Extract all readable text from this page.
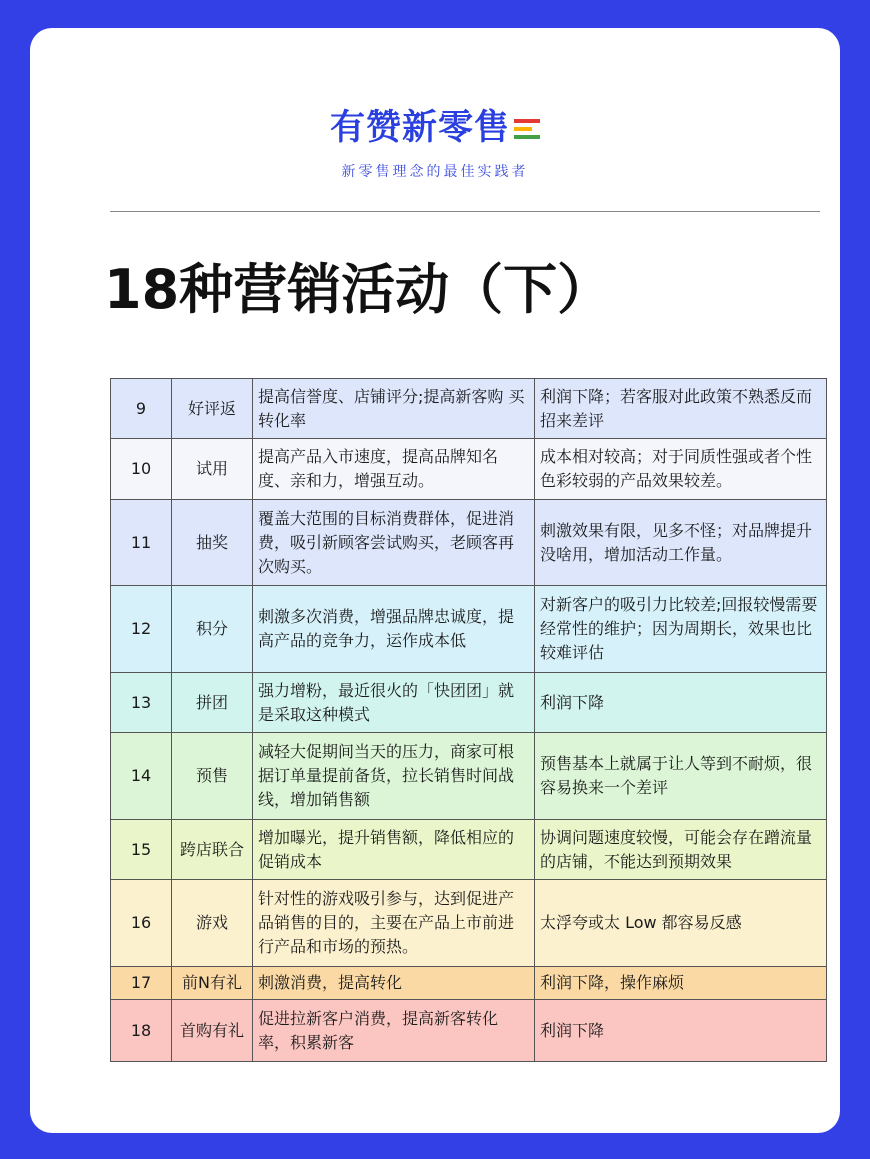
有赞新零售
新零售理念的最佳实践者
18种营销活动（下）
9	好评返	提高信誉度、店铺评分;提高新客购 买转化率	利润下降；若客服对此政策不熟悉反而招来差评
10	试用	提高产品入市速度，提高品牌知名度、亲和力，增强互动。	成本相对较高；对于同质性强或者个性色彩较弱的产品效果较差。
11	抽奖	覆盖大范围的目标消费群体，促进消 费，吸引新顾客尝试购买，老顾客再次购买。	刺激效果有限，见多不怪；对品牌提升没啥用，增加活动工作量。
12	积分	刺激多次消费，增强品牌忠诚度，提高产品的竞争力，运作成本低	对新客户的吸引力比较差;回报较慢需要经常性的维护；因为周期长，效果也比较难评估
13	拼团	强力增粉，最近很火的「快团团」就是采取这种模式	利润下降
14	预售	减轻大促期间当天的压力，商家可根据订单量提前备货，拉长销售时间战线，增加销售额	预售基本上就属于让人等到不耐烦，很容易换来一个差评
15	跨店联合	增加曝光，提升销售额，降低相应的促销成本	协调问题速度较慢，可能会存在蹭流量的店铺，不能达到预期效果
16	游戏	针对性的游戏吸引参与，达到促进产品销售的目的，主要在产品上市前进行产品和市场的预热。	太浮夸或太 Low 都容易反感
17	前N有礼	刺激消费，提高转化	利润下降，操作麻烦
18	首购有礼	促进拉新客户消费，提高新客转化率，积累新客	利润下降
